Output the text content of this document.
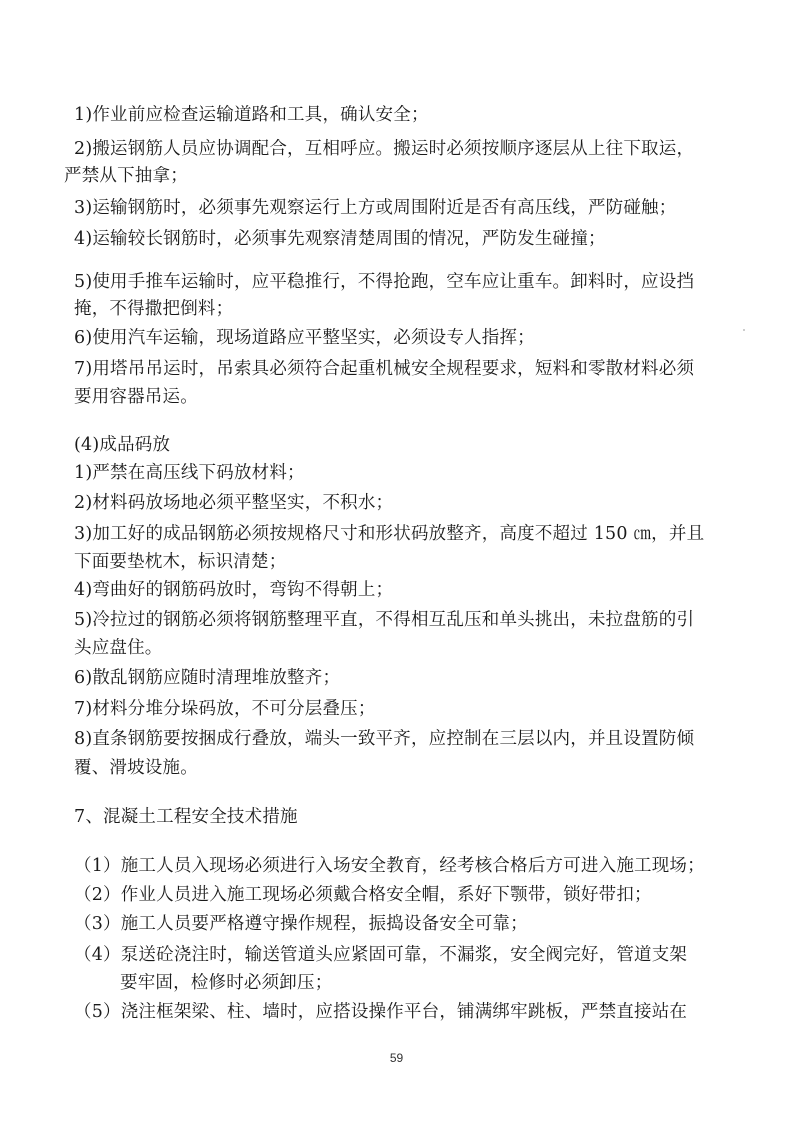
1)作业前应检查运输道路和工具，确认安全；
2)搬运钢筋人员应协调配合，互相呼应。搬运时必须按顺序逐层从上往下取运，
严禁从下抽拿；
3)运输钢筋时，必须事先观察运行上方或周围附近是否有高压线，严防碰触；
4)运输较长钢筋时，必须事先观察清楚周围的情况，严防发生碰撞；
5)使用手推车运输时，应平稳推行，不得抢跑，空车应让重车。卸料时，应设挡
掩，不得撒把倒料；
6)使用汽车运输，现场道路应平整坚实，必须设专人指挥；
7)用塔吊吊运时，吊索具必须符合起重机械安全规程要求，短料和零散材料必须
要用容器吊运。
(4)成品码放
1)严禁在高压线下码放材料；
2)材料码放场地必须平整坚实，不积水；
3)加工好的成品钢筋必须按规格尺寸和形状码放整齐，高度不超过 150 ㎝，并且
下面要垫枕木，标识清楚；
4)弯曲好的钢筋码放时，弯钩不得朝上；
5)冷拉过的钢筋必须将钢筋整理平直，不得相互乱压和单头挑出，未拉盘筋的引
头应盘住。
6)散乱钢筋应随时清理堆放整齐；
7)材料分堆分垛码放，不可分层叠压；
8)直条钢筋要按捆成行叠放，端头一致平齐，应控制在三层以内，并且设置防倾
覆、滑坡设施。
7、混凝土工程安全技术措施
（1）施工人员入现场必须进行入场安全教育，经考核合格后方可进入施工现场；
（2）作业人员进入施工现场必须戴合格安全帽，系好下颚带，锁好带扣；
（3）施工人员要严格遵守操作规程，振捣设备安全可靠；
（4）泵送砼浇注时，输送管道头应紧固可靠，不漏浆，安全阀完好，管道支架
要牢固，检修时必须卸压；
（5）浇注框架梁、柱、墙时，应搭设操作平台，铺满绑牢跳板，严禁直接站在
59
